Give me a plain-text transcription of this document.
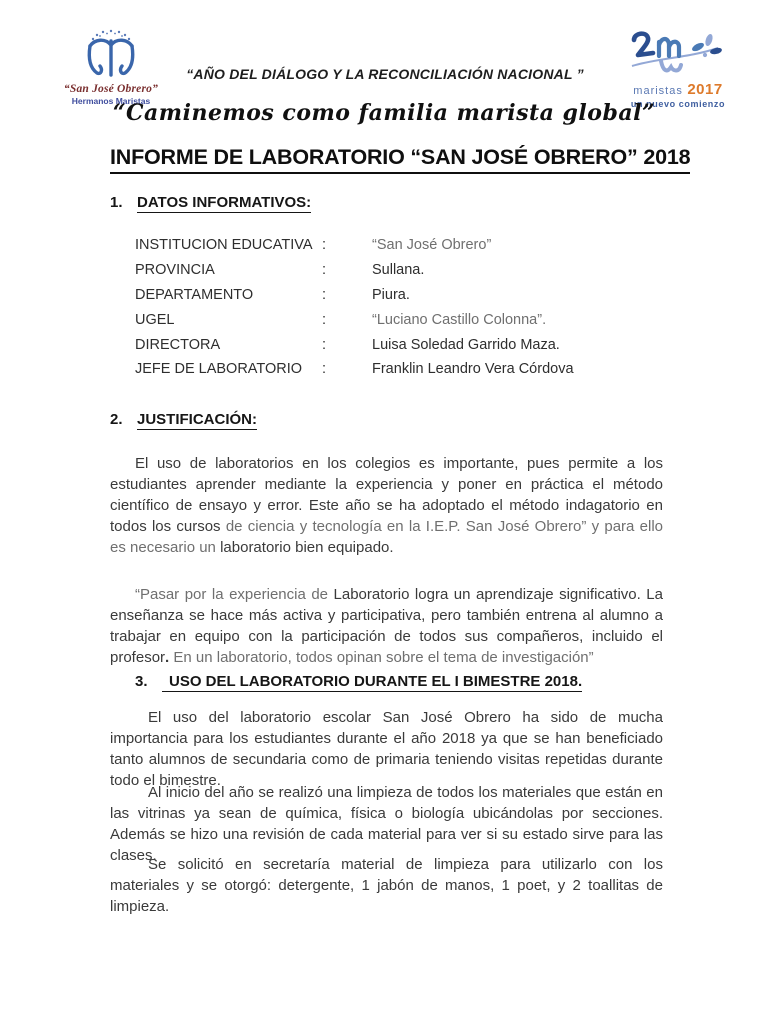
“San José Obrero”
Hermanos Maristas
maristas 2017
un nuevo comienzo
“AÑO DEL DIÁLOGO Y LA RECONCILIACIÓN NACIONAL ”
“Caminemos como familia marista global”
INFORME DE LABORATORIO “SAN JOSÉ OBRERO” 2018
1. DATOS INFORMATIVOS:
INSTITUCION EDUCATIVA :	“San José Obrero”
PROVINCIA	:	Sullana.
DEPARTAMENTO	:	Piura.
UGEL	:	“Luciano Castillo Colonna”.
DIRECTORA	:	Luisa Soledad Garrido Maza.
JEFE DE LABORATORIO	:	Franklin Leandro Vera Córdova
2. JUSTIFICACIÓN:
El uso de laboratorios en los colegios es importante, pues permite a los estudiantes aprender mediante la experiencia y poner en práctica el método científico de ensayo y error. Este año se ha adoptado el método indagatorio en todos los cursos de ciencia y tecnología en la I.E.P. San José Obrero” y para ello es necesario un laboratorio bien equipado.
“Pasar por la experiencia de Laboratorio logra un aprendizaje significativo. La enseñanza se hace más activa y participativa, pero también entrena al alumno a trabajar en equipo con la participación de todos sus compañeros, incluido el profesor. En un laboratorio, todos opinan sobre el tema de investigación”
3.	USO DEL LABORATORIO DURANTE EL I BIMESTRE 2018.
El uso del laboratorio escolar San José Obrero ha sido de mucha importancia para los estudiantes durante el año 2018 ya que se han beneficiado tanto alumnos de secundaria como de primaria teniendo visitas repetidas durante todo el bimestre.
Al inicio del año se realizó una limpieza de todos los materiales que están en las vitrinas ya sean de química, física o biología ubicándolas por secciones. Además se hizo una revisión de cada material para ver si su estado sirve para las clases.
Se solicitó en secretaría material de limpieza para utilizarlo con los materiales y se otorgó: detergente, 1 jabón de manos, 1 poet, y 2 toallitas de limpieza.
